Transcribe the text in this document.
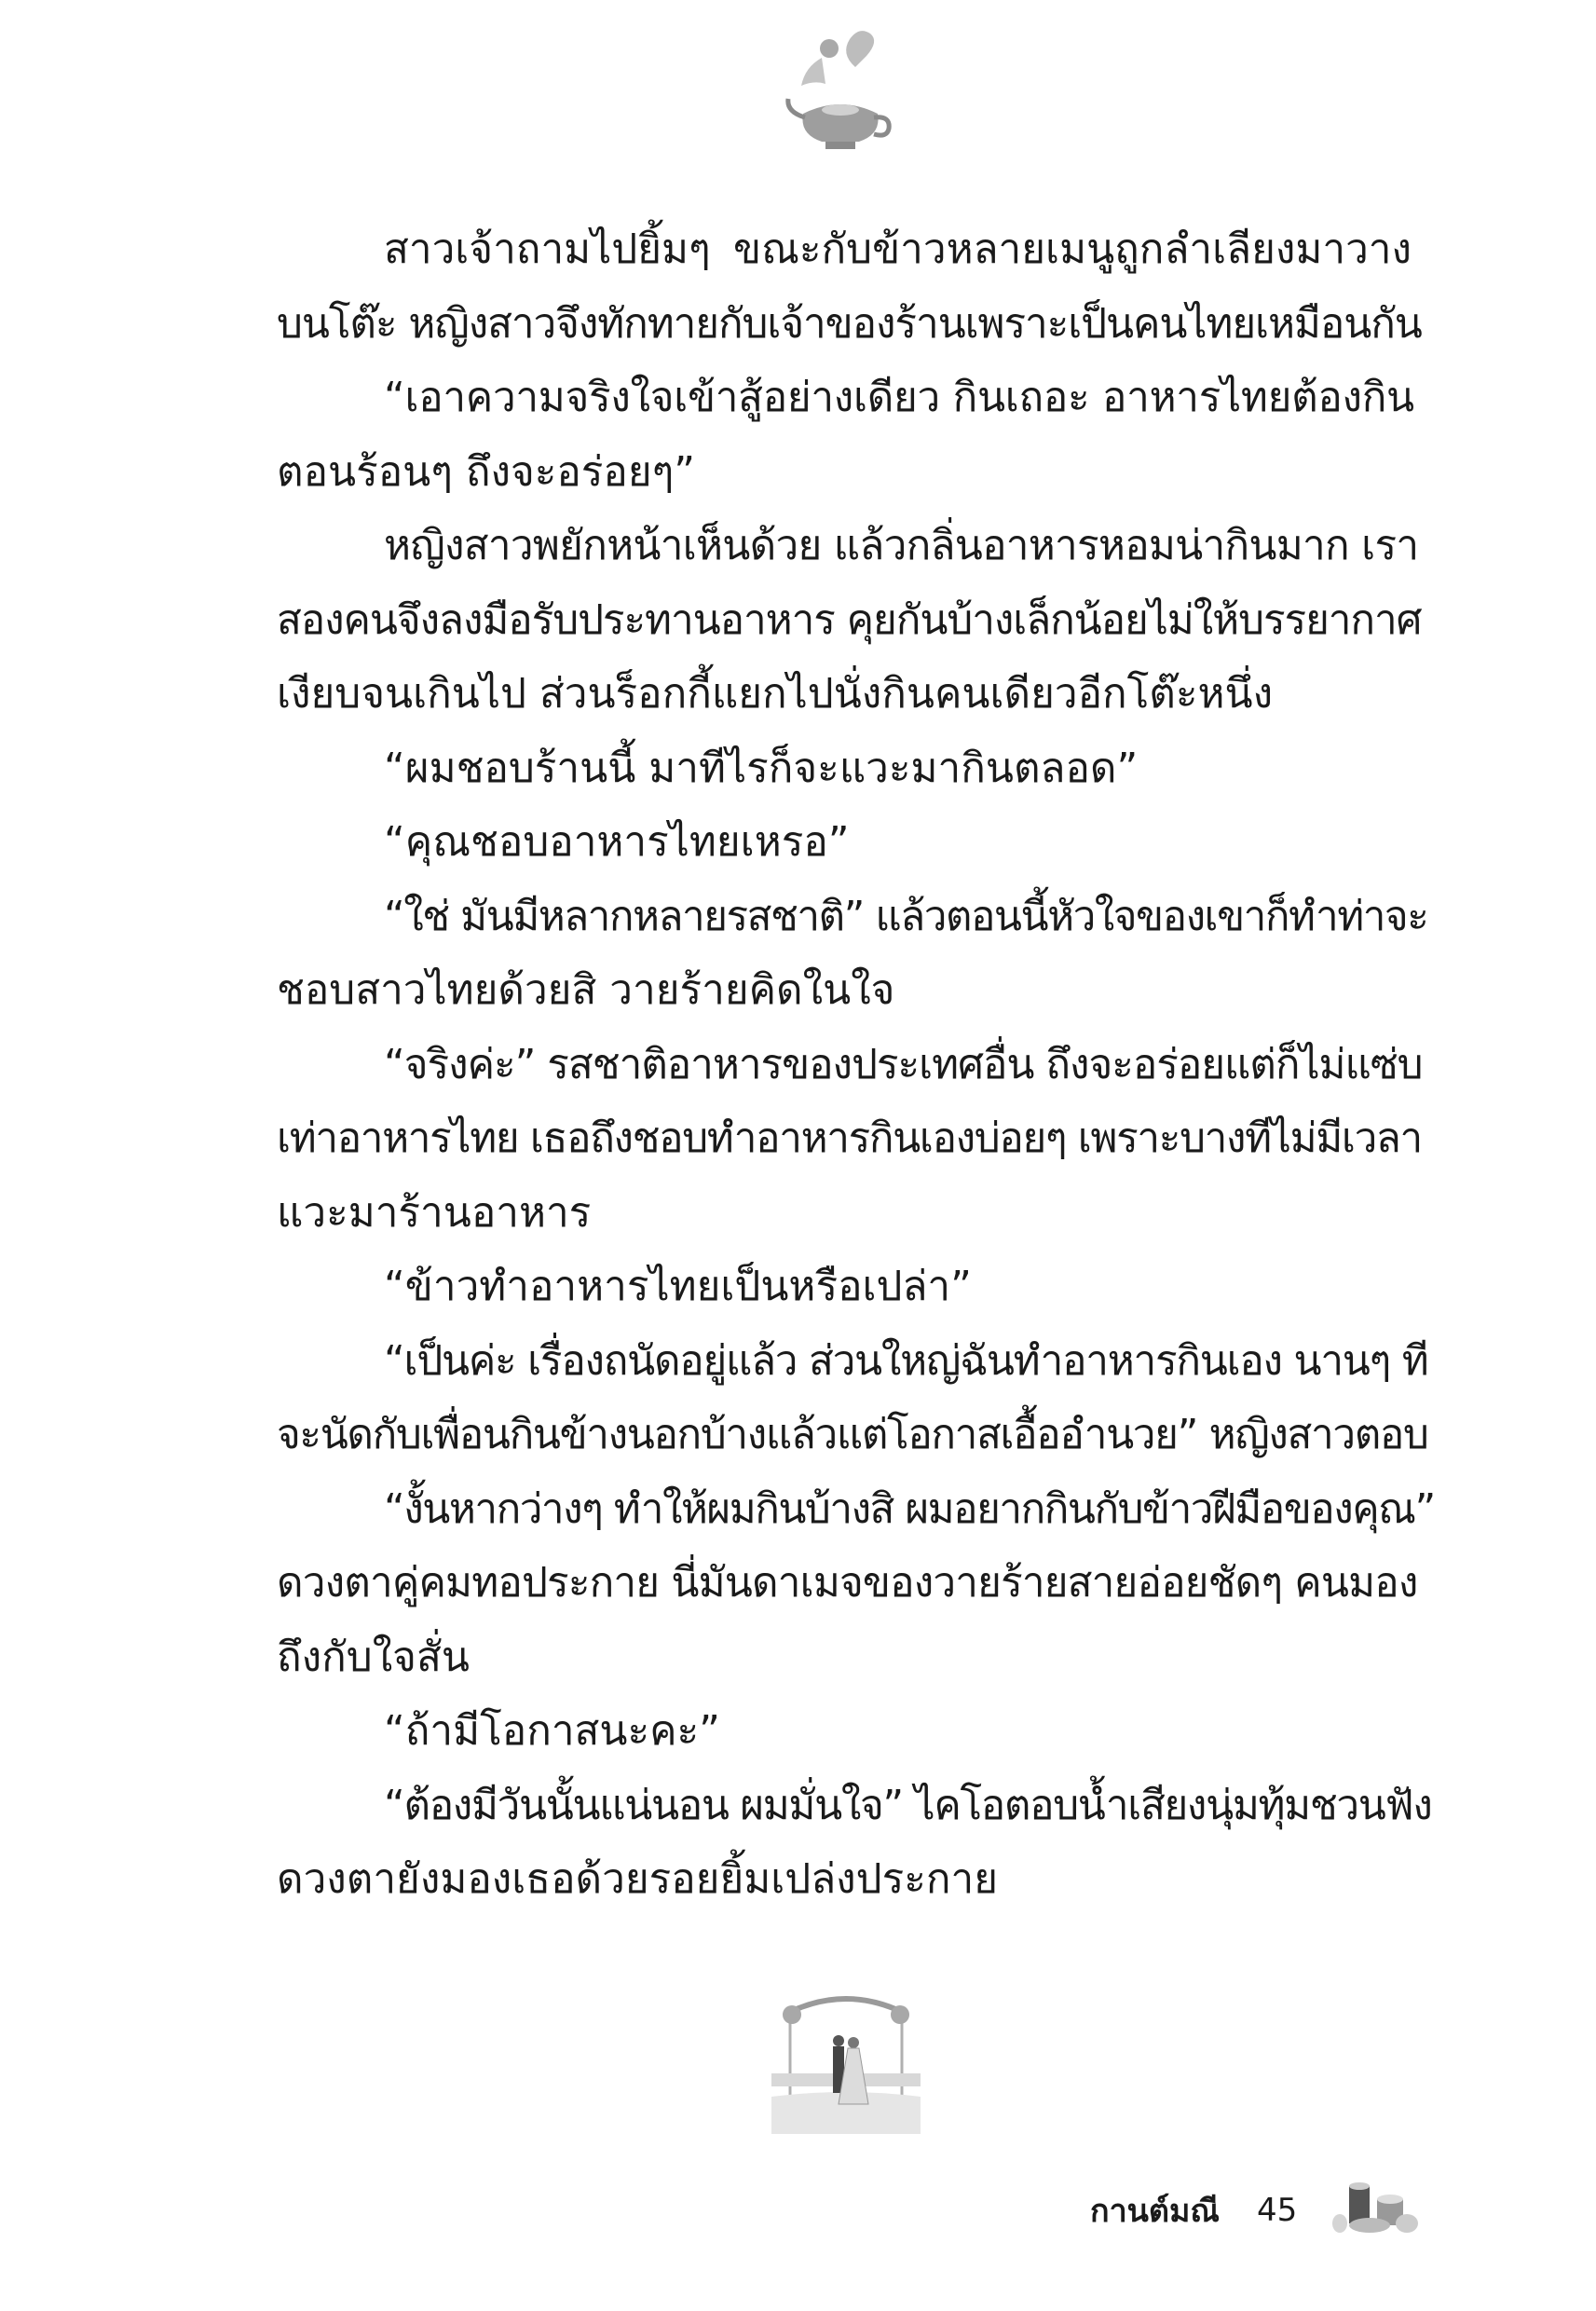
สาวเจ้าถามไปยิ้มๆ ขณะกับข้าวหลายเมนูถูกลำเลียงมาวาง
บนโต๊ะ หญิงสาวจึงทักทายกับเจ้าของร้านเพราะเป็นคนไทยเหมือนกัน
“เอาความจริงใจเข้าสู้อย่างเดียว กินเถอะ อาหารไทยต้องกิน
ตอนร้อนๆ ถึงจะอร่อยๆ”
หญิงสาวพยักหน้าเห็นด้วย แล้วกลิ่นอาหารหอมน่ากินมาก เรา
สองคนจึงลงมือรับประทานอาหาร คุยกันบ้างเล็กน้อยไม่ให้บรรยากาศ
เงียบจนเกินไป ส่วนร็อกกี้แยกไปนั่งกินคนเดียวอีกโต๊ะหนึ่ง
“ผมชอบร้านนี้ มาทีไรก็จะแวะมากินตลอด”
“คุณชอบอาหารไทยเหรอ”
“ใช่ มันมีหลากหลายรสชาติ” แล้วตอนนี้หัวใจของเขาก็ทำท่าจะ
ชอบสาวไทยด้วยสิ วายร้ายคิดในใจ
“จริงค่ะ” รสชาติอาหารของประเทศอื่น ถึงจะอร่อยแต่ก็ไม่แซ่บ
เท่าอาหารไทย เธอถึงชอบทำอาหารกินเองบ่อยๆ เพราะบางทีไม่มีเวลา
แวะมาร้านอาหาร
“ข้าวทำอาหารไทยเป็นหรือเปล่า”
“เป็นค่ะ เรื่องถนัดอยู่แล้ว ส่วนใหญ่ฉันทำอาหารกินเอง นานๆ ที
จะนัดกับเพื่อนกินข้างนอกบ้างแล้วแต่โอกาสเอื้ออำนวย” หญิงสาวตอบ
“งั้นหากว่างๆ ทำให้ผมกินบ้างสิ ผมอยากกินกับข้าวฝีมือของคุณ”
ดวงตาคู่คมทอประกาย นี่มันดาเมจของวายร้ายสายอ่อยชัดๆ คนมอง
ถึงกับใจสั่น
“ถ้ามีโอกาสนะคะ”
“ต้องมีวันนั้นแน่นอน ผมมั่นใจ” ไคโอตอบน้ำเสียงนุ่มทุ้มชวนฟัง
ดวงตายังมองเธอด้วยรอยยิ้มเปล่งประกาย
กานต์มณี 45
